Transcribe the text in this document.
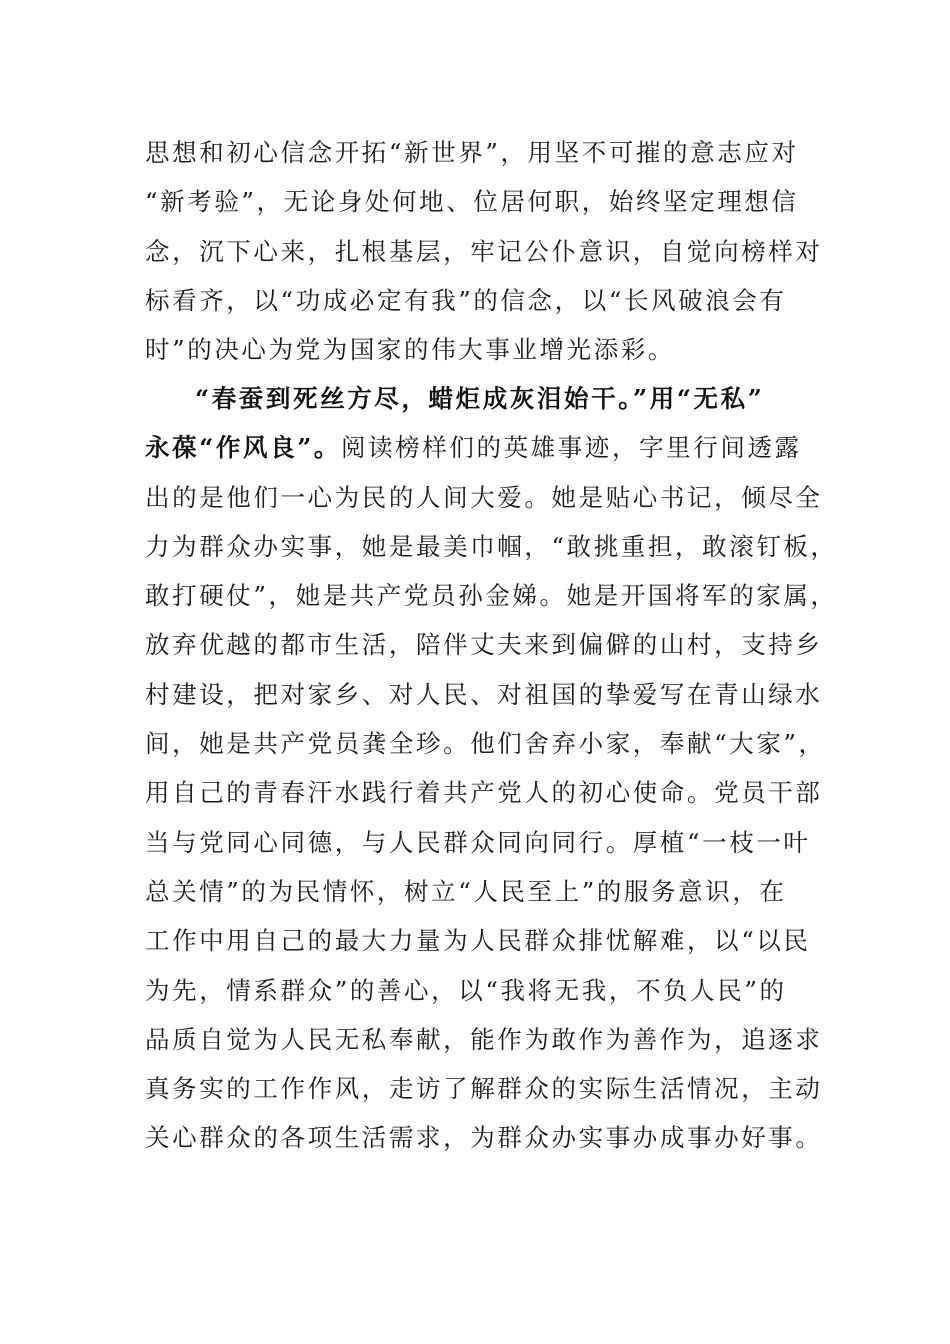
思想和初心信念开拓“新世界”，用坚不可摧的意志应对
“新考验”，无论身处何地、位居何职，始终坚定理想信
念，沉下心来，扎根基层，牢记公仆意识，自觉向榜样对
标看齐，以“功成必定有我”的信念，以“长风破浪会有
时”的决心为党为国家的伟大事业增光添彩。
“春蚕到死丝方尽，蜡炬成灰泪始干。”用“无私”
永葆“作风良”。阅读榜样们的英雄事迹，字里行间透露
出的是他们一心为民的人间大爱。她是贴心书记，倾尽全
力为群众办实事，她是最美巾帼，“敢挑重担，敢滚钉板，
敢打硬仗”，她是共产党员孙金娣。她是开国将军的家属，
放弃优越的都市生活，陪伴丈夫来到偏僻的山村，支持乡
村建设，把对家乡、对人民、对祖国的挚爱写在青山绿水
间，她是共产党员龚全珍。他们舍弃小家，奉献“大家”，
用自己的青春汗水践行着共产党人的初心使命。党员干部
当与党同心同德，与人民群众同向同行。厚植“一枝一叶
总关情”的为民情怀，树立“人民至上”的服务意识，在
工作中用自己的最大力量为人民群众排忧解难，以“以民
为先，情系群众”的善心，以“我将无我，不负人民”的
品质自觉为人民无私奉献，能作为敢作为善作为，追逐求
真务实的工作作风，走访了解群众的实际生活情况，主动
关心群众的各项生活需求，为群众办实事办成事办好事。
